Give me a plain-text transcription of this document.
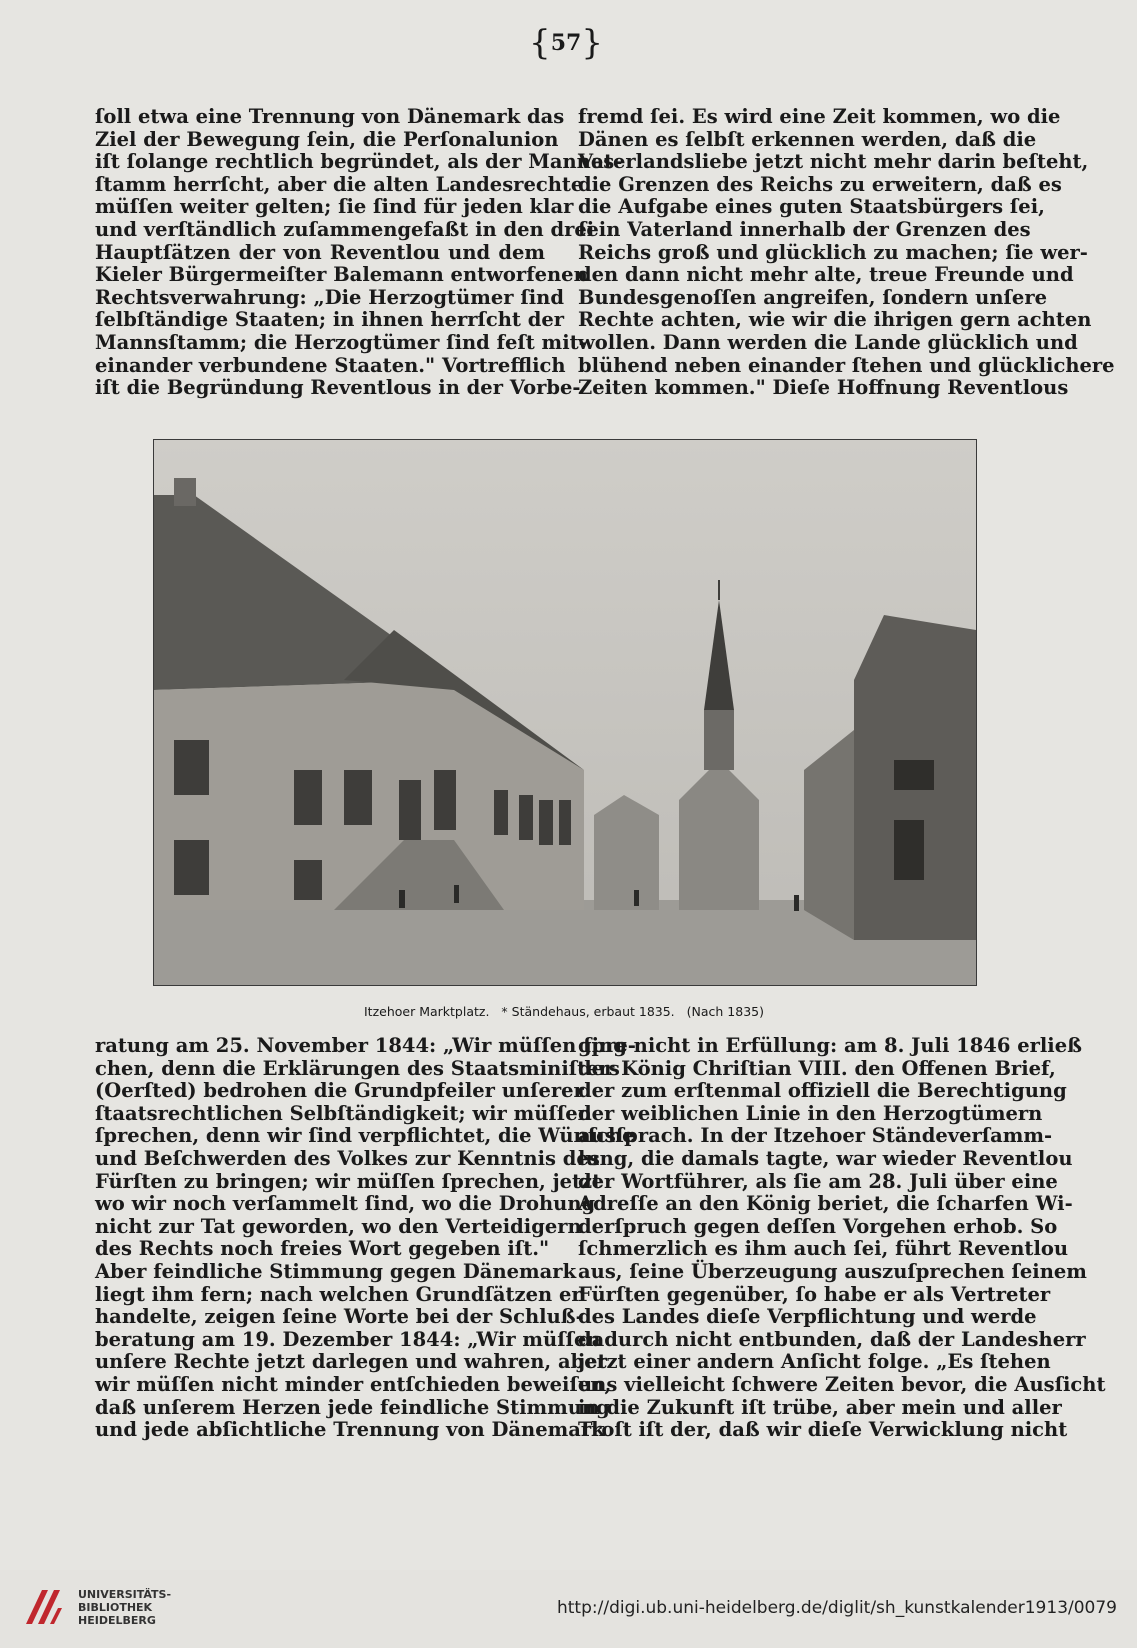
{ 57 }
ſoll etwa eine Trennung von Dänemark das
Ziel der Bewegung ſein, die Perſonalunion
iſt ſolange rechtlich begründet, als der Mannes-
ſtamm herrſcht, aber die alten Landesrechte
müſſen weiter gelten; ſie ſind für jeden klar
und verſtändlich zuſammengefaßt in den drei
Hauptſätzen der von Reventlou und dem
Kieler Bürgermeiſter Balemann entworfenen
Rechtsverwahrung: „Die Herzogtümer ſind
ſelbſtändige Staaten; in ihnen herrſcht der
Mannsſtamm; die Herzogtümer ſind feſt mit-
einander verbundene Staaten." Vortrefflich
iſt die Begründung Reventlous in der Vorbe-
fremd ſei. Es wird eine Zeit kommen, wo die
Dänen es ſelbſt erkennen werden, daß die
Vaterlandsliebe jetzt nicht mehr darin beſteht,
die Grenzen des Reichs zu erweitern, daß es
die Aufgabe eines guten Staatsbürgers ſei,
ſein Vaterland innerhalb der Grenzen des
Reichs groß und glücklich zu machen; ſie wer-
den dann nicht mehr alte, treue Freunde und
Bundesgenoſſen angreifen, ſondern unſere
Rechte achten, wie wir die ihrigen gern achten
wollen. Dann werden die Lande glücklich und
blühend neben einander ſtehen und glücklichere
Zeiten kommen." Dieſe Hoffnung Reventlous
Itzehoer Marktplatz. * Ständehaus, erbaut 1835. (Nach 1835)
ratung am 25. November 1844: „Wir müſſen ſpre-
chen, denn die Erklärungen des Staatsminiſters
(Oerſted) bedrohen die Grundpfeiler unſerer
ſtaatsrechtlichen Selbſtändigkeit; wir müſſen
ſprechen, denn wir ſind verpflichtet, die Wünſche
und Beſchwerden des Volkes zur Kenntnis des
Fürſten zu bringen; wir müſſen ſprechen, jetzt
wo wir noch verſammelt ſind, wo die Drohung
nicht zur Tat geworden, wo den Verteidigern
des Rechts noch freies Wort gegeben iſt."
Aber feindliche Stimmung gegen Dänemark
liegt ihm fern; nach welchen Grundſätzen er
handelte, zeigen ſeine Worte bei der Schluß-
beratung am 19. Dezember 1844: „Wir müſſen
unſere Rechte jetzt darlegen und wahren, aber
wir müſſen nicht minder entſchieden beweiſen,
daß unſerem Herzen jede feindliche Stimmung
und jede abſichtliche Trennung von Dänemark
ging nicht in Erfüllung: am 8. Juli 1846 erließ
der König Chriſtian VIII. den Offenen Brief,
der zum erſtenmal offiziell die Berechtigung
der weiblichen Linie in den Herzogtümern
ausſprach. In der Itzehoer Ständeverſamm-
lung, die damals tagte, war wieder Reventlou
der Wortführer, als ſie am 28. Juli über eine
Adreſſe an den König beriet, die ſcharfen Wi-
derſpruch gegen deſſen Vorgehen erhob. So
ſchmerzlich es ihm auch ſei, führt Reventlou
aus, ſeine Überzeugung auszuſprechen ſeinem
Fürſten gegenüber, ſo habe er als Vertreter
des Landes dieſe Verpflichtung und werde
dadurch nicht entbunden, daß der Landesherr
jetzt einer andern Anſicht folge. „Es ſtehen
uns vielleicht ſchwere Zeiten bevor, die Ausſicht
in die Zukunft iſt trübe, aber mein und aller
Troſt iſt der, daß wir dieſe Verwicklung nicht
UNIVERSITÄTS-
BIBLIOTHEK
HEIDELBERG
http://digi.ub.uni-heidelberg.de/diglit/sh_kunstkalender1913/0079
